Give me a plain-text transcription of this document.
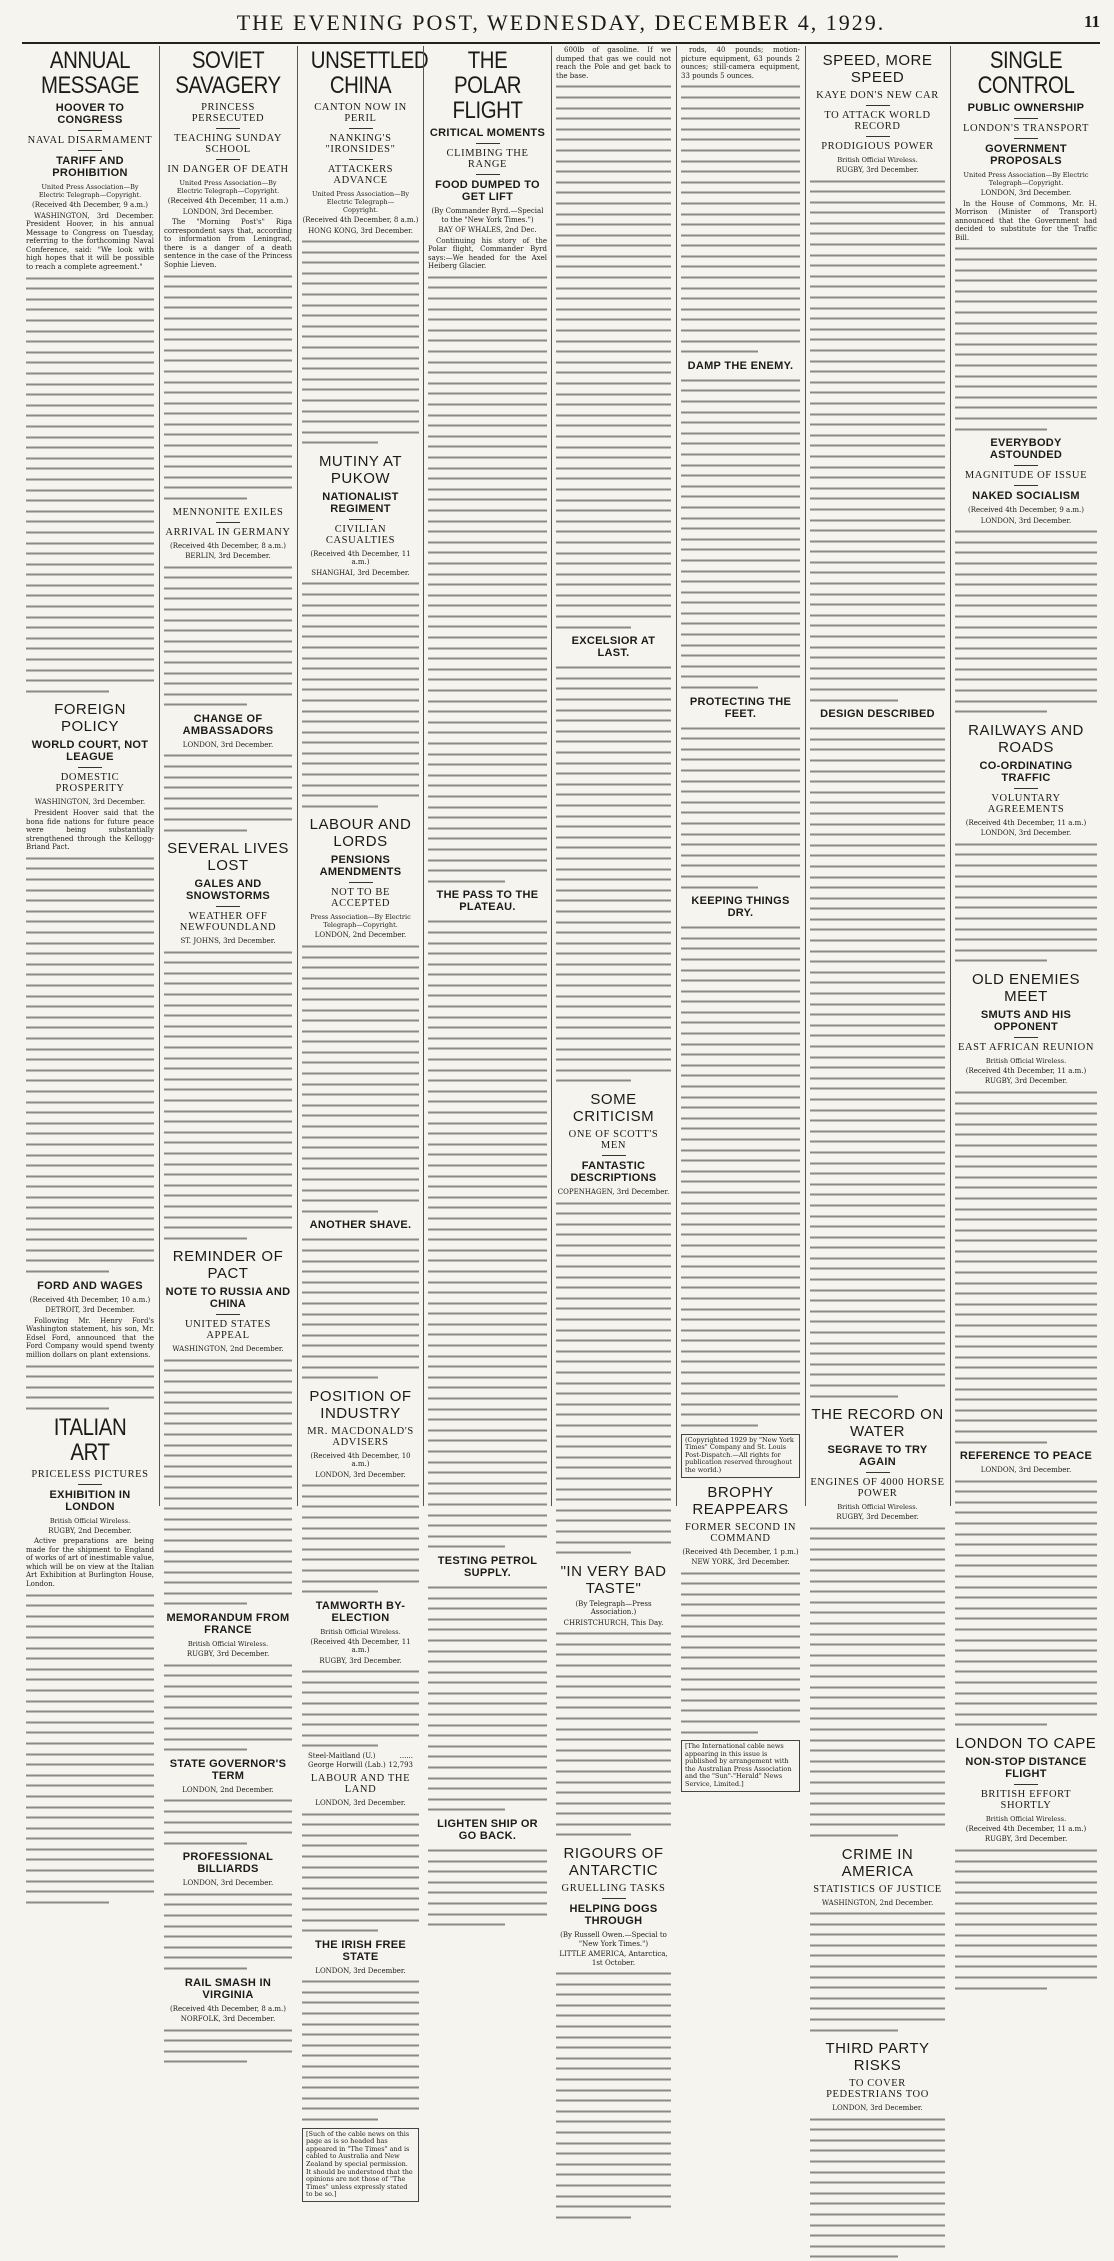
THE EVENING POST, WEDNESDAY, DECEMBER 4, 1929.	11
ANNUAL MESSAGE
HOOVER TO CONGRESS
NAVAL DISARMAMENT
TARIFF AND PROHIBITION
United Press Association—By Electric Telegraph—Copyright.
(Received 4th December, 9 a.m.)

WASHINGTON, 3rd December. President Hoover, in his annual Message to Congress on Tuesday, referring to the forthcoming Naval Conference, said: "We look with high hopes that it will be possible to reach a complete agreement."

FOREIGN POLICY
WORLD COURT, NOT LEAGUE
DOMESTIC PROSPERITY
WASHINGTON, 3rd December.

President Hoover said that the bona fide nations for future peace were being substantially strengthened through the Kellogg-Briand Pact.

FORD AND WAGES
(Received 4th December, 10 a.m.)
DETROIT, 3rd December.

Following Mr. Henry Ford's Washington statement, his son, Mr. Edsel Ford, announced that the Ford Company would spend twenty million dollars on plant extensions.

ITALIAN ART
PRICELESS PICTURES
EXHIBITION IN LONDON
British Official Wireless.
RUGBY, 2nd December.

Active preparations are being made for the shipment to England of works of art of inestimable value, which will be on view at the Italian Art Exhibition at Burlington House, London.

SOVIET SAVAGERY
PRINCESS PERSECUTED
TEACHING SUNDAY SCHOOL
IN DANGER OF DEATH
United Press Association—By Electric Telegraph—Copyright.
(Received 4th December, 11 a.m.)
LONDON, 3rd December.

The "Morning Post's" Riga correspondent says that, according to information from Leningrad, there is a danger of a death sentence in the case of the Princess Sophie Lieven.

MENNONITE EXILES
ARRIVAL IN GERMANY
(Received 4th December, 8 a.m.)
BERLIN, 3rd December.
CHANGE OF AMBASSADORS
LONDON, 3rd December.
SEVERAL LIVES LOST
GALES AND SNOWSTORMS
WEATHER OFF NEWFOUNDLAND
ST. JOHNS, 3rd December.
REMINDER OF PACT
NOTE TO RUSSIA AND CHINA
UNITED STATES APPEAL
WASHINGTON, 2nd December.
MEMORANDUM FROM FRANCE
British Official Wireless.
RUGBY, 3rd December.
STATE GOVERNOR'S TERM
LONDON, 2nd December.
PROFESSIONAL BILLIARDS
LONDON, 3rd December.
RAIL SMASH IN VIRGINIA
(Received 4th December, 8 a.m.)
NORFOLK, 3rd December.
UNSETTLED CHINA
CANTON NOW IN PERIL
NANKING'S "IRONSIDES"
ATTACKERS ADVANCE
United Press Association—By Electric Telegraph—Copyright.
(Received 4th December, 8 a.m.)
HONG KONG, 3rd December.
MUTINY AT PUKOW
NATIONALIST REGIMENT
CIVILIAN CASUALTIES
(Received 4th December, 11 a.m.)
SHANGHAI, 3rd December.
LABOUR AND LORDS
PENSIONS AMENDMENTS
NOT TO BE ACCEPTED
Press Association—By Electric Telegraph—Copyright.
LONDON, 2nd December.
ANOTHER SHAVE.
POSITION OF INDUSTRY
MR. MACDONALD'S ADVISERS
(Received 4th December, 10 a.m.)
LONDON, 3rd December.
TAMWORTH BY-ELECTION
British Official Wireless.
(Received 4th December, 11 a.m.)
RUGBY, 3rd December.
Steel-Maitland (U.)	......
George Horwill (Lab.) 12,793
LABOUR AND THE LAND
LONDON, 3rd December.
THE IRISH FREE STATE
LONDON, 3rd December.
[Such of the cable news on this page as is so headed has appeared in "The Times" and is cabled to Australia and New Zealand by special permission. It should be understood that the opinions are not those of "The Times" unless expressly stated to be so.]
THE POLAR FLIGHT
CRITICAL MOMENTS
CLIMBING THE RANGE
FOOD DUMPED TO GET LIFT
(By Commander Byrd.—Special to the "New York Times.")
BAY OF WHALES, 2nd Dec.

Continuing his story of the Polar flight, Commander Byrd says:—We headed for the Axel Heiberg Glacier.

THE PASS TO THE PLATEAU.
TESTING PETROL SUPPLY.
LIGHTEN SHIP OR GO BACK.

600lb of gasoline. If we dumped that gas we could not reach the Pole and get back to the base.

EXCELSIOR AT LAST.
SOME CRITICISM
ONE OF SCOTT'S MEN
FANTASTIC DESCRIPTIONS
COPENHAGEN, 3rd December.
"IN VERY BAD TASTE"
(By Telegraph—Press Association.)
CHRISTCHURCH, This Day.
RIGOURS OF ANTARCTIC
GRUELLING TASKS
HELPING DOGS THROUGH
(By Russell Owen.—Special to "New York Times.")
LITTLE AMERICA, Antarctica, 1st October.

rods, 40 pounds; motion-picture equipment, 63 pounds 2 ounces; still-camera equipment, 33 pounds 5 ounces.

DAMP THE ENEMY.
PROTECTING THE FEET.
KEEPING THINGS DRY.
(Copyrighted 1929 by "New York Times" Company and St. Louis Post-Dispatch.—All rights for publication reserved throughout the world.)
BROPHY REAPPEARS
FORMER SECOND IN COMMAND
(Received 4th December, 1 p.m.)
NEW YORK, 3rd December.
[The International cable news appearing in this issue is published by arrangement with the Australian Press Association and the "Sun"-"Herald" News Service, Limited.]
SPEED, MORE SPEED
KAYE DON'S NEW CAR
TO ATTACK WORLD RECORD
PRODIGIOUS POWER
British Official Wireless.
RUGBY, 3rd December.
DESIGN DESCRIBED
THE RECORD ON WATER
SEGRAVE TO TRY AGAIN
ENGINES OF 4000 HORSE POWER
British Official Wireless.
RUGBY, 3rd December.
CRIME IN AMERICA
STATISTICS OF JUSTICE
WASHINGTON, 2nd December.
THIRD PARTY RISKS
TO COVER PEDESTRIANS TOO
LONDON, 3rd December.
SINGLE CONTROL
PUBLIC OWNERSHIP
LONDON'S TRANSPORT
GOVERNMENT PROPOSALS
United Press Association—By Electric Telegraph—Copyright.
LONDON, 3rd December.

In the House of Commons, Mr. H. Morrison (Minister of Transport) announced that the Government had decided to substitute for the Traffic Bill.

EVERYBODY ASTOUNDED
MAGNITUDE OF ISSUE
NAKED SOCIALISM
(Received 4th December, 9 a.m.)
LONDON, 3rd December.
RAILWAYS AND ROADS
CO-ORDINATING TRAFFIC
VOLUNTARY AGREEMENTS
(Received 4th December, 11 a.m.)
LONDON, 3rd December.
OLD ENEMIES MEET
SMUTS AND HIS OPPONENT
EAST AFRICAN REUNION
British Official Wireless.
(Received 4th December, 11 a.m.)
RUGBY, 3rd December.
REFERENCE TO PEACE
LONDON, 3rd December.
LONDON TO CAPE
NON-STOP DISTANCE FLIGHT
BRITISH EFFORT SHORTLY
British Official Wireless.
(Received 4th December, 11 a.m.)
RUGBY, 3rd December.
